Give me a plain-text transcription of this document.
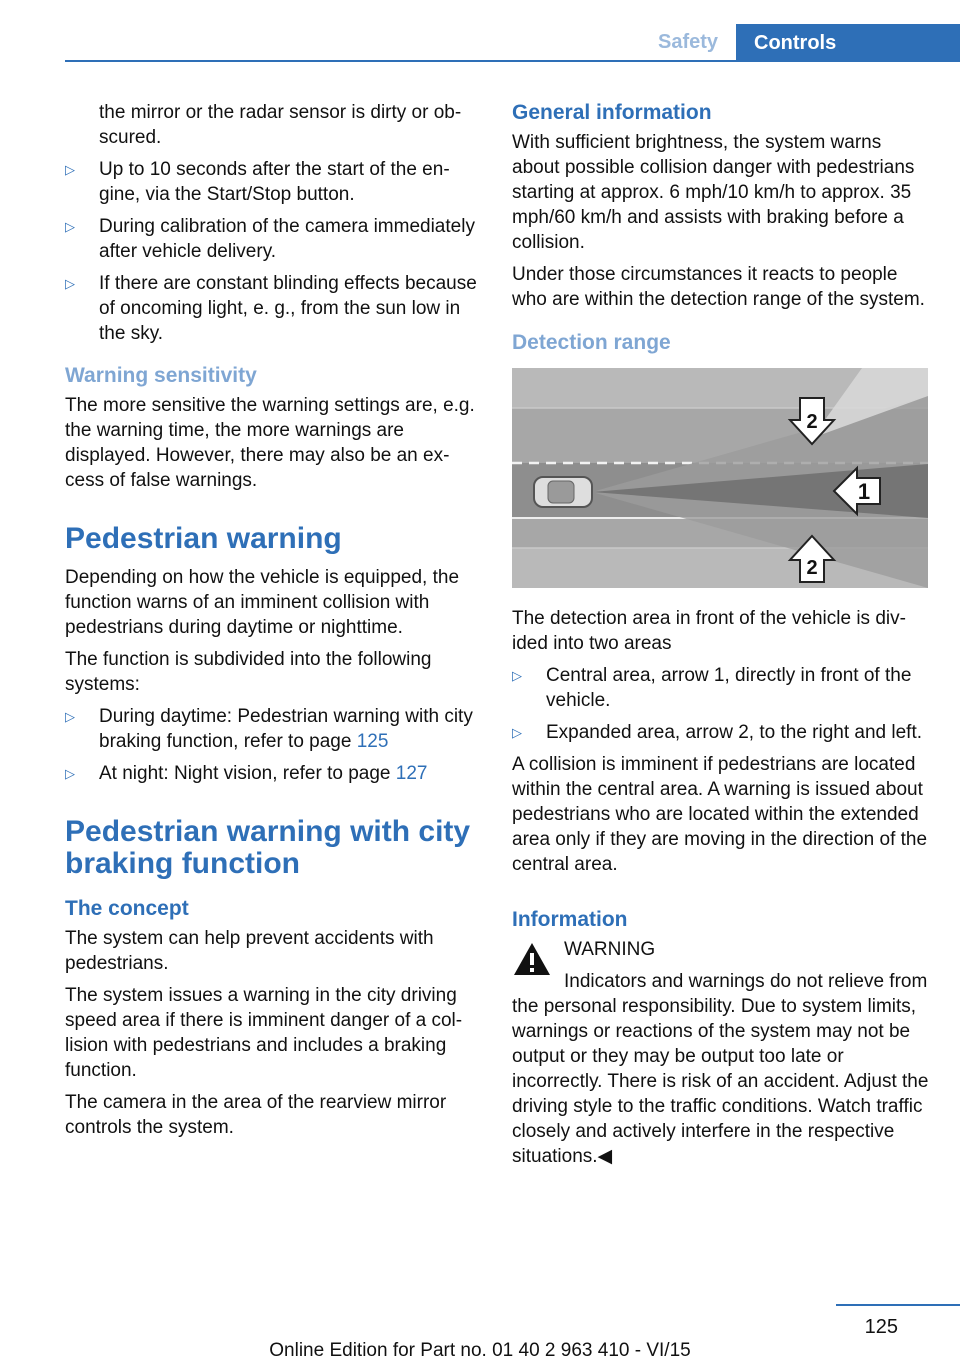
Safety	Controls

the mirror or the radar sensor is dirty or obscured.

▷	Up to 10 seconds after the start of the engine, via the Start/Stop button.
▷	During calibration of the camera immediately after vehicle delivery.
▷	If there are constant blinding effects because of oncoming light, e. g., from the sun low in the sky.
Warning sensitivity

The more sensitive the warning settings are, e.g. the warning time, the more warnings are displayed. However, there may also be an excess of false warnings.

Pedestrian warning

Depending on how the vehicle is equipped, the function warns of an imminent collision with pedestrians during daytime or nighttime.

The function is subdivided into the following systems:

▷	During daytime: Pedestrian warning with city braking function, refer to page 125
▷	At night: Night vision, refer to page 127
Pedestrian warning with city braking function
The concept

The system can help prevent accidents with pedestrians.

The system issues a warning in the city driving speed area if there is imminent danger of a collision with pedestrians and includes a braking function.

The camera in the area of the rearview mirror controls the system.

General information

With sufficient brightness, the system warns about possible collision danger with pedestrians starting at approx. 6 mph/10 km/h to approx. 35 mph/60 km/h and assists with braking before a collision.

Under those circumstances it reacts to people who are within the detection range of the system.

Detection range
1
2
2

The detection area in front of the vehicle is divided into two areas

▷	Central area, arrow 1, directly in front of the vehicle.
▷	Expanded area, arrow 2, to the right and left.

A collision is imminent if pedestrians are located within the central area. A warning is issued about pedestrians who are located within the extended area only if they are moving in the direction of the central area.

Information
WARNING

Indicators and warnings do not relieve from the personal responsibility. Due to system limits, warnings or reactions of the system may not be output or they may be output too late or incorrectly. There is risk of an accident. Adjust the driving style to the traffic conditions. Watch traffic closely and actively interfere in the respective situations.◀

125
Online Edition for Part no. 01 40 2 963 410 - VI/15
